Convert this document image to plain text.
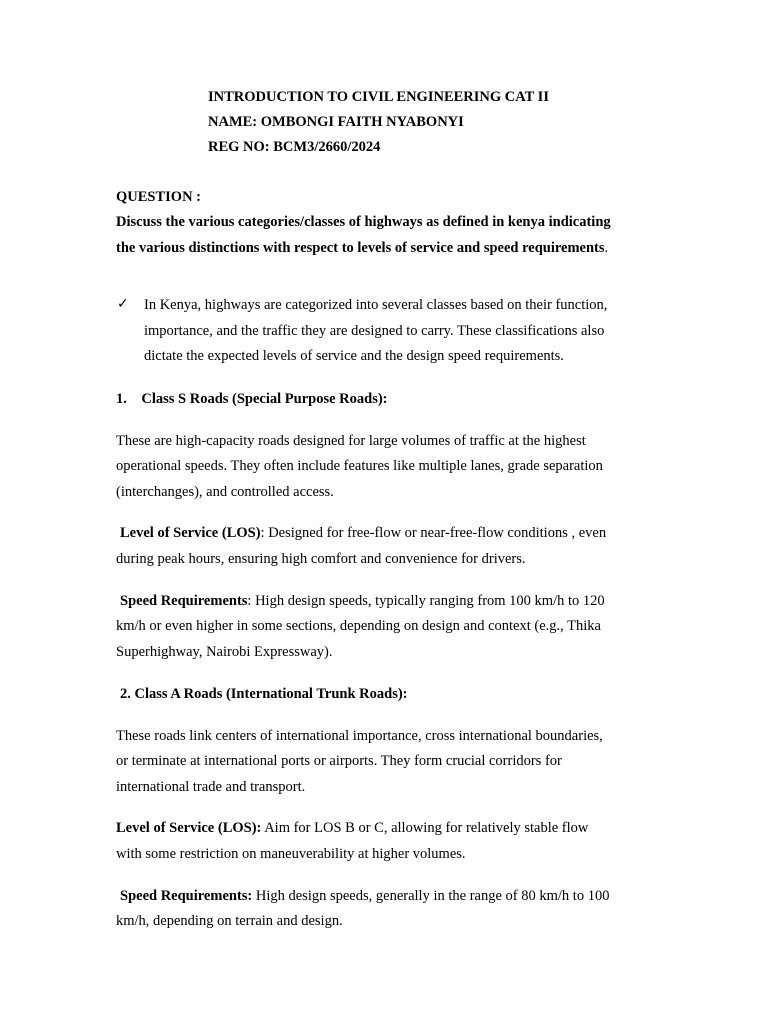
INTRODUCTION TO CIVIL ENGINEERING CAT II
NAME: OMBONGI FAITH NYABONYI
REG NO: BCM3/2660/2024
QUESTION :
Discuss the various categories/classes of highways as defined in kenya indicating
the various distinctions with respect to levels of service and speed requirements.
✓ In Kenya, highways are categorized into several classes based on their function,
importance, and the traffic they are designed to carry. These classifications also
dictate the expected levels of service and the design speed requirements.
1.    Class S Roads (Special Purpose Roads):
These are high-capacity roads designed for large volumes of traffic at the highest
operational speeds. They often include features like multiple lanes, grade separation
(interchanges), and controlled access.
Level of Service (LOS): Designed for free-flow or near-free-flow conditions , even
during peak hours, ensuring high comfort and convenience for drivers.
Speed Requirements: High design speeds, typically ranging from 100 km/h to 120
km/h or even higher in some sections, depending on design and context (e.g., Thika
Superhighway, Nairobi Expressway).
2. Class A Roads (International Trunk Roads):
These roads link centers of international importance, cross international boundaries,
or terminate at international ports or airports. They form crucial corridors for
international trade and transport.
Level of Service (LOS): Aim for LOS B or C, allowing for relatively stable flow
with some restriction on maneuverability at higher volumes.
Speed Requirements: High design speeds, generally in the range of 80 km/h to 100
km/h, depending on terrain and design.
